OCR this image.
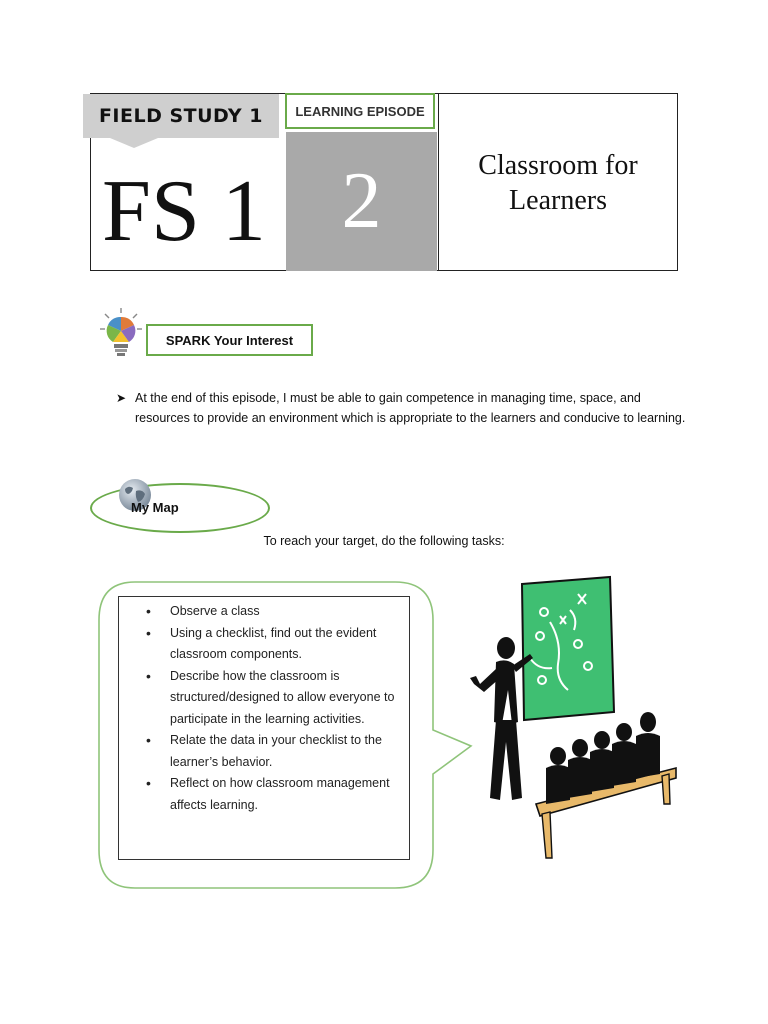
FIELD STUDY 1
FS 1
LEARNING EPISODE
2	Classroom for
Learners
SPARK Your Interest
➤ At the end of this episode, I must be able to gain competence in managing time, space, and resources to provide an environment which is appropriate to the learners and conducive to learning.
My Map
To reach your target, do the following tasks:
• Observe a class
• Using a checklist, find out the evident classroom components.
• Describe how the classroom is structured/designed to allow everyone to participate in the learning activities.
• Relate the data in your checklist to the learner’s behavior.
• Reflect on how classroom management affects learning.
